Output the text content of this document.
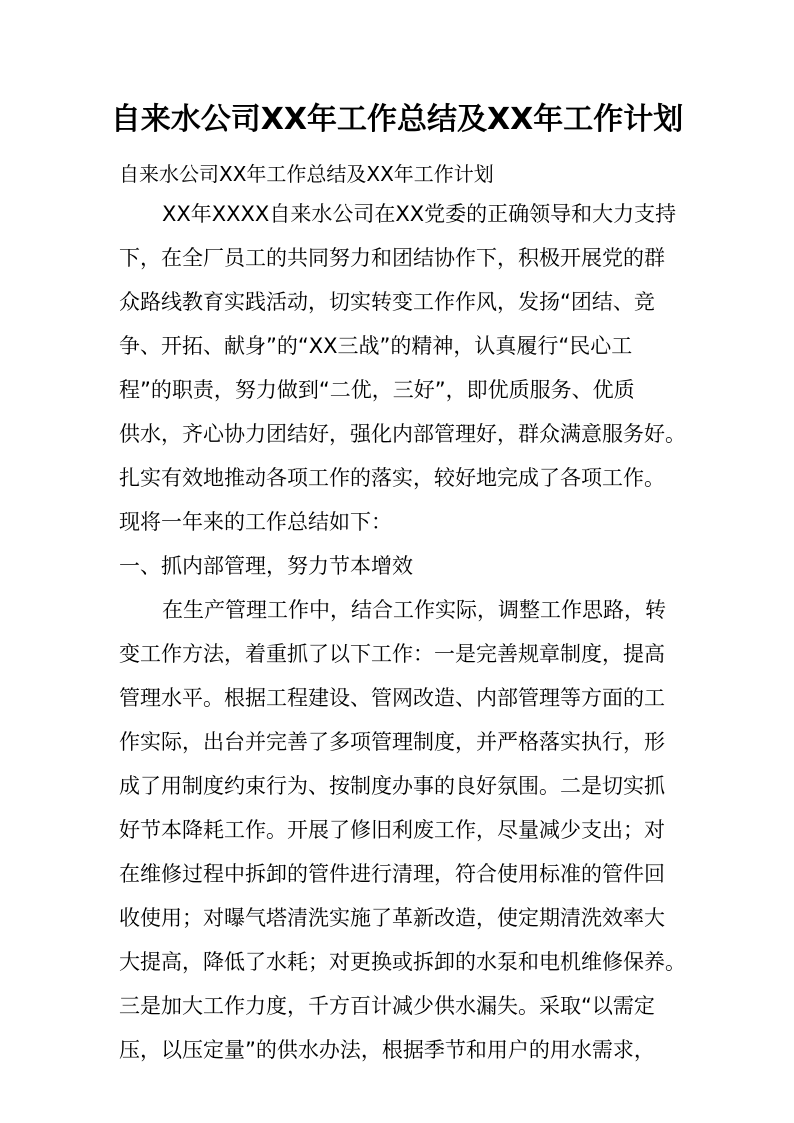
自来水公司XX年工作总结及XX年工作计划
自来水公司XX年工作总结及XX年工作计划
XX年XXXX自来水公司在XX党委的正确领导和大力支持
下，在全厂员工的共同努力和团结协作下，积极开展党的群
众路线教育实践活动，切实转变工作作风，发扬“团结、竞
争、开拓、献身”的“XX三战”的精神，认真履行“民心工
程”的职责，努力做到“二优，三好”，即优质服务、优质
供水，齐心协力团结好，强化内部管理好，群众满意服务好。
扎实有效地推动各项工作的落实，较好地完成了各项工作。
现将一年来的工作总结如下：
一、抓内部管理，努力节本增效
在生产管理工作中，结合工作实际，调整工作思路，转
变工作方法，着重抓了以下工作：一是完善规章制度，提高
管理水平。根据工程建设、管网改造、内部管理等方面的工
作实际，出台并完善了多项管理制度，并严格落实执行，形
成了用制度约束行为、按制度办事的良好氛围。二是切实抓
好节本降耗工作。开展了修旧利废工作，尽量减少支出；对
在维修过程中拆卸的管件进行清理，符合使用标准的管件回
收使用；对曝气塔清洗实施了革新改造，使定期清洗效率大
大提高，降低了水耗；对更换或拆卸的水泵和电机维修保养。
三是加大工作力度，千方百计减少供水漏失。采取“以需定
压，以压定量”的供水办法，根据季节和用户的用水需求，
